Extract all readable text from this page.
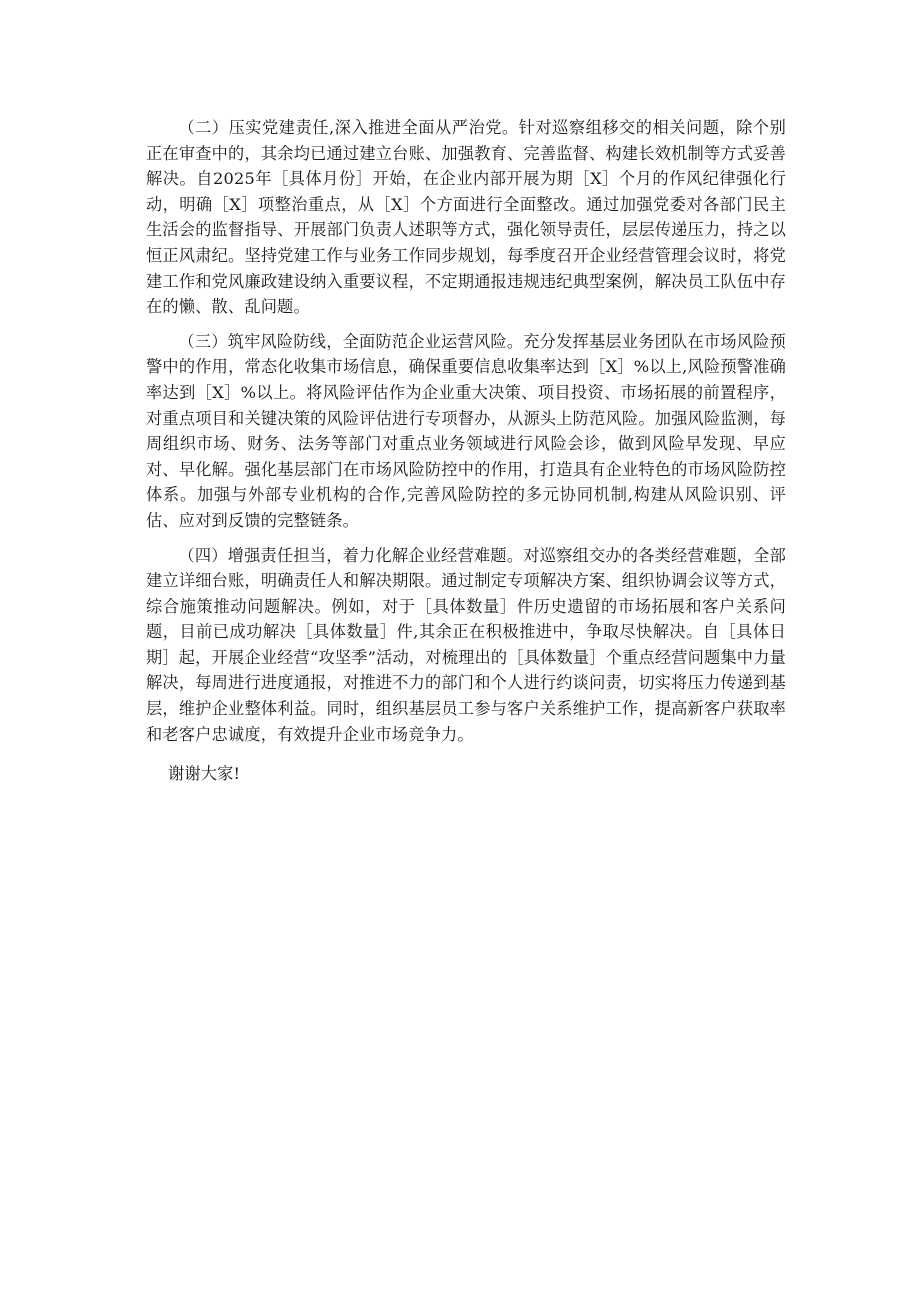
（二）压实党建责任,深入推进全面从严治党。针对巡察组移交的相关问题，除个别正在审查中的，其余均已通过建立台账、加强教育、完善监督、构建长效机制等方式妥善解决。自2025年［具体月份］开始，在企业内部开展为期［X］个月的作风纪律强化行动，明确［X］项整治重点，从［X］个方面进行全面整改。通过加强党委对各部门民主生活会的监督指导、开展部门负责人述职等方式，强化领导责任，层层传递压力，持之以恒正风肃纪。坚持党建工作与业务工作同步规划，每季度召开企业经营管理会议时，将党建工作和党风廉政建设纳入重要议程，不定期通报违规违纪典型案例，解决员工队伍中存在的懒、散、乱问题。

（三）筑牢风险防线，全面防范企业运营风险。充分发挥基层业务团队在市场风险预警中的作用，常态化收集市场信息，确保重要信息收集率达到［X］%以上,风险预警准确率达到［X］%以上。将风险评估作为企业重大决策、项目投资、市场拓展的前置程序，对重点项目和关键决策的风险评估进行专项督办，从源头上防范风险。加强风险监测，每周组织市场、财务、法务等部门对重点业务领域进行风险会诊，做到风险早发现、早应对、早化解。强化基层部门在市场风险防控中的作用，打造具有企业特色的市场风险防控体系。加强与外部专业机构的合作,完善风险防控的多元协同机制,构建从风险识别、评估、应对到反馈的完整链条。

（四）增强责任担当，着力化解企业经营难题。对巡察组交办的各类经营难题，全部建立详细台账，明确责任人和解决期限。通过制定专项解决方案、组织协调会议等方式，综合施策推动问题解决。例如，对于［具体数量］件历史遗留的市场拓展和客户关系问题，目前已成功解决［具体数量］件,其余正在积极推进中，争取尽快解决。自［具体日期］起，开展企业经营“攻坚季”活动，对梳理出的［具体数量］个重点经营问题集中力量解决，每周进行进度通报，对推进不力的部门和个人进行约谈问责，切实将压力传递到基层，维护企业整体利益。同时，组织基层员工参与客户关系维护工作，提高新客户获取率和老客户忠诚度，有效提升企业市场竞争力。

谢谢大家!
